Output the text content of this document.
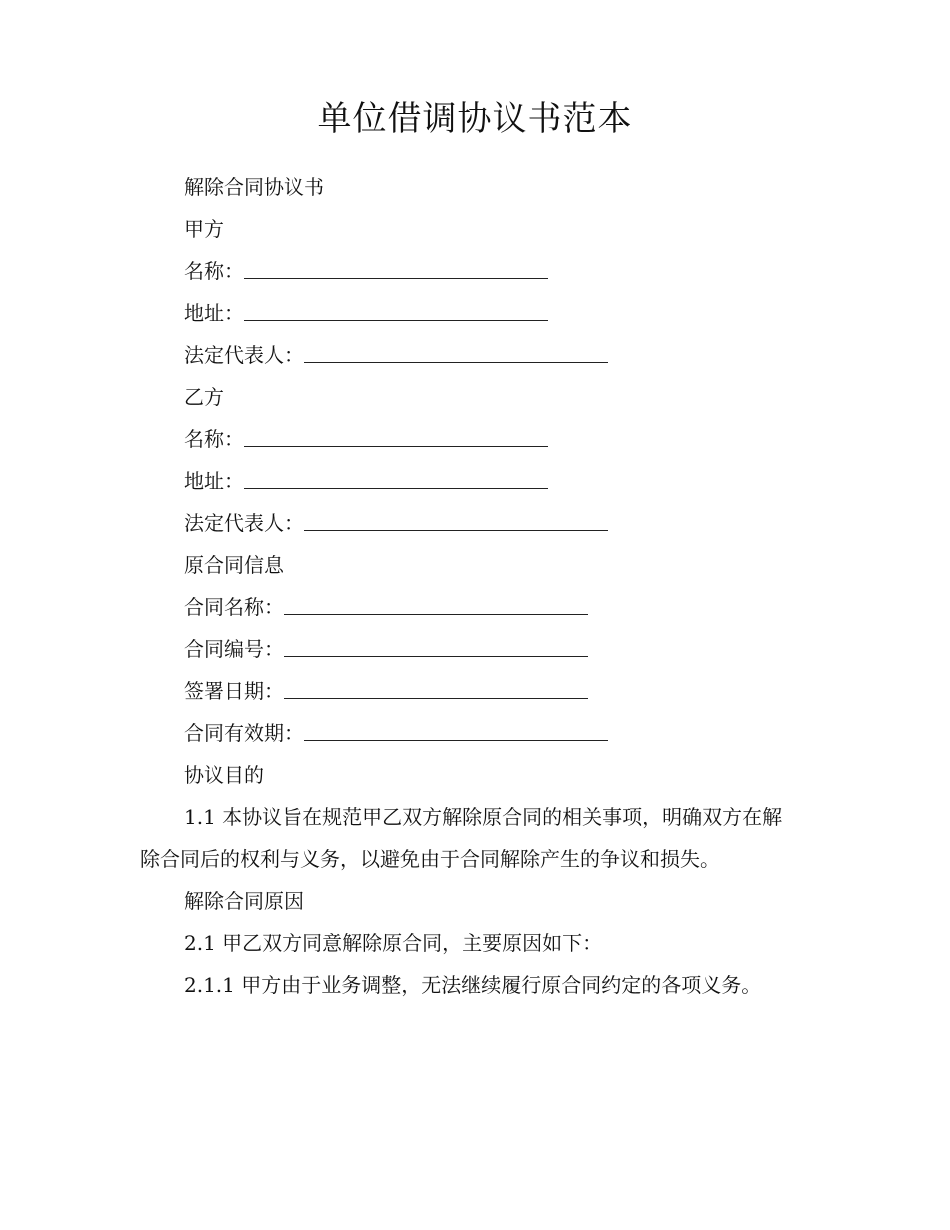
单位借调协议书范本
解除合同协议书
甲方
名称：
地址：
法定代表人：
乙方
名称：
地址：
法定代表人：
原合同信息
合同名称：
合同编号：
签署日期：
合同有效期：
协议目的
1.1 本协议旨在规范甲乙双方解除原合同的相关事项，明确双方在解除合同后的权利与义务，以避免由于合同解除产生的争议和损失。
解除合同原因
2.1 甲乙双方同意解除原合同，主要原因如下：
2.1.1 甲方由于业务调整，无法继续履行原合同约定的各项义务。
